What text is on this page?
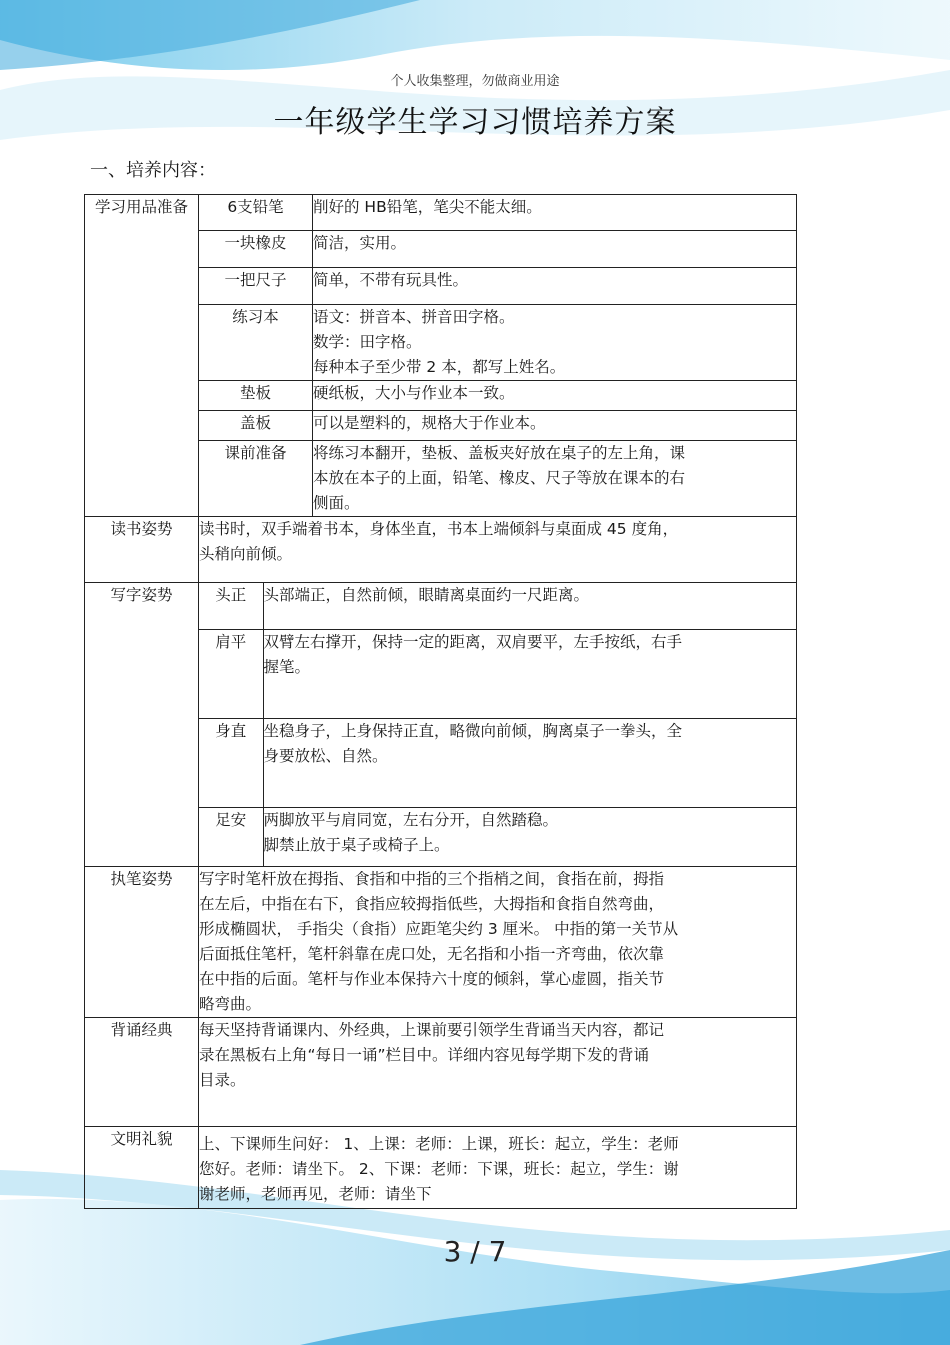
个人收集整理，勿做商业用途
一年级学生学习习惯培养方案
一、培养内容：
学习用品准备	6支铅笔	削好的 HB铅笔，笔尖不能太细。

一块橡皮	简洁，实用。

一把尺子	简单，不带有玩具性。

练习本	语文：拼音本、拼音田字格。
数学：田字格。
每种本子至少带 2 本，都写上姓名。

垫板	硬纸板，大小与作业本一致。

盖板	可以是塑料的，规格大于作业本。

课前准备	将练习本翻开，垫板、盖板夹好放在桌子的左上角，课
本放在本子的上面，铅笔、橡皮、尺子等放在课本的右
侧面。

读书姿势	读书时，双手端着书本，身体坐直，书本上端倾斜与桌面成 45 度角，
头稍向前倾。

写字姿势		头正	头部端正，自然前倾，眼睛离桌面约一尺距离。

肩平	双臂左右撑开，保持一定的距离，双肩要平，左手按纸，右手
握笔。

身直	坐稳身子，上身保持正直，略微向前倾，胸离桌子一拳头，全
身要放松、自然。

足安	两脚放平与肩同宽，左右分开，自然踏稳。
脚禁止放于桌子或椅子上。

执笔姿势	写字时笔杆放在拇指、食指和中指的三个指梢之间，食指在前，拇指
在左后，中指在右下，食指应较拇指低些，大拇指和食指自然弯曲，
形成椭圆状， 手指尖（食指）应距笔尖约 3 厘米。 中指的第一关节从
后面抵住笔杆，笔杆斜靠在虎口处，无名指和小指一齐弯曲，依次靠
在中指的后面。笔杆与作业本保持六十度的倾斜，掌心虚圆，指关节
略弯曲。

背诵经典	每天坚持背诵课内、外经典，上课前要引领学生背诵当天内容，都记
录在黑板右上角“每日一诵”栏目中。详细内容见每学期下发的背诵
目录。

文明礼貌	上、下课师生问好： 1、上课：老师：上课，班长：起立，学生：老师
您好。老师：请坐下。 2、下课：老师：下课，班长：起立，学生：谢
谢老师，老师再见，老师：请坐下
3 / 7
